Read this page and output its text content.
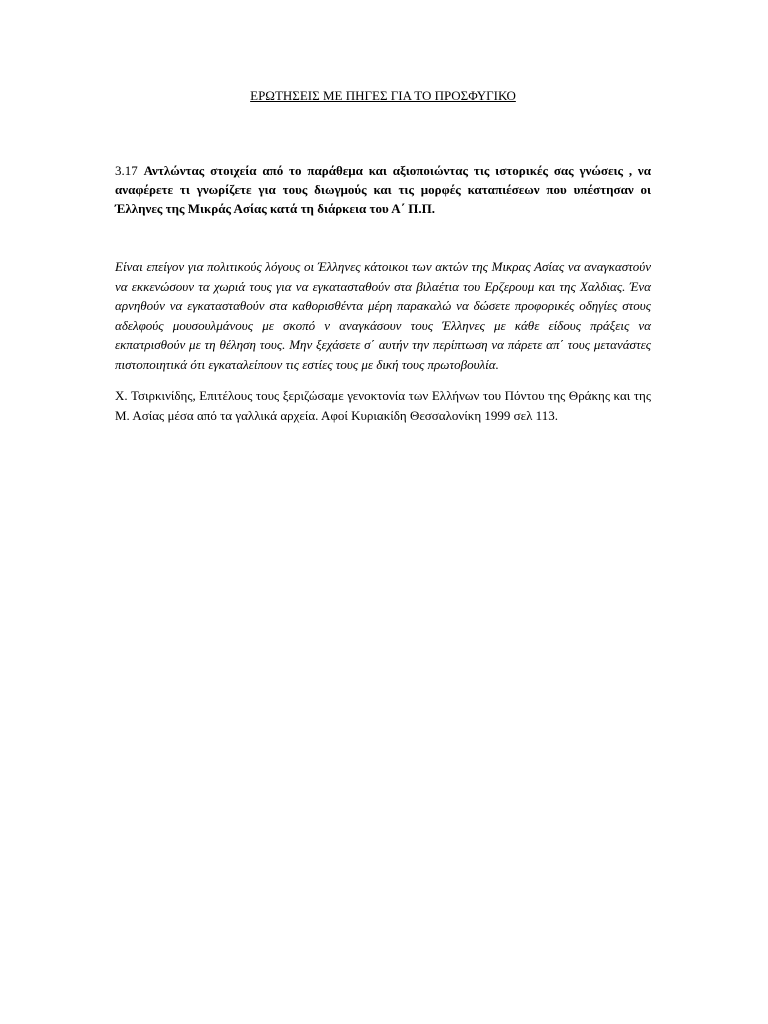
ΕΡΩΤΗΣΕΙΣ ΜΕ ΠΗΓΕΣ ΓΙΑ ΤΟ ΠΡΟΣΦΥΓΙΚΟ

3.17 Αντλώντας στοιχεία από το παράθεμα και αξιοποιώντας τις ιστορικές σας γνώσεις , να αναφέρετε τι γνωρίζετε για τους διωγμούς και τις μορφές καταπιέσεων που υπέστησαν οι Έλληνες της Μικράς Ασίας κατά τη διάρκεια του Α΄ Π.Π.

Είναι επείγον για πολιτικούς λόγους οι Έλληνες κάτοικοι των ακτών της Μικρας Ασίας να αναγκαστούν να εκκενώσουν τα χωριά τους για να εγκατασταθούν στα βιλαέτια του Ερζερουμ και της Χαλδιας. Ένα αρνηθούν να εγκατασταθούν στα καθορισθέντα μέρη παρακαλώ να δώσετε προφορικές οδηγίες στους αδελφούς μουσουλμάνους με σκοπό ν αναγκάσουν τους Έλληνες με κάθε είδους πράξεις να εκπατρισθούν με τη θέληση τους. Μην ξεχάσετε σ΄ αυτήν την περίπτωση να πάρετε απ΄ τους μετανάστες πιστοποιητικά ότι εγκαταλείπουν τις εστίες τους με δική τους πρωτοβουλία.

Χ. Τσιρκινίδης, Επιτέλους τους ξεριζώσαμε γενοκτονία των Ελλήνων του Πόντου της Θράκης και της Μ. Ασίας μέσα από τα γαλλικά αρχεία. Αφοί Κυριακίδη Θεσσαλονίκη 1999 σελ 113.
